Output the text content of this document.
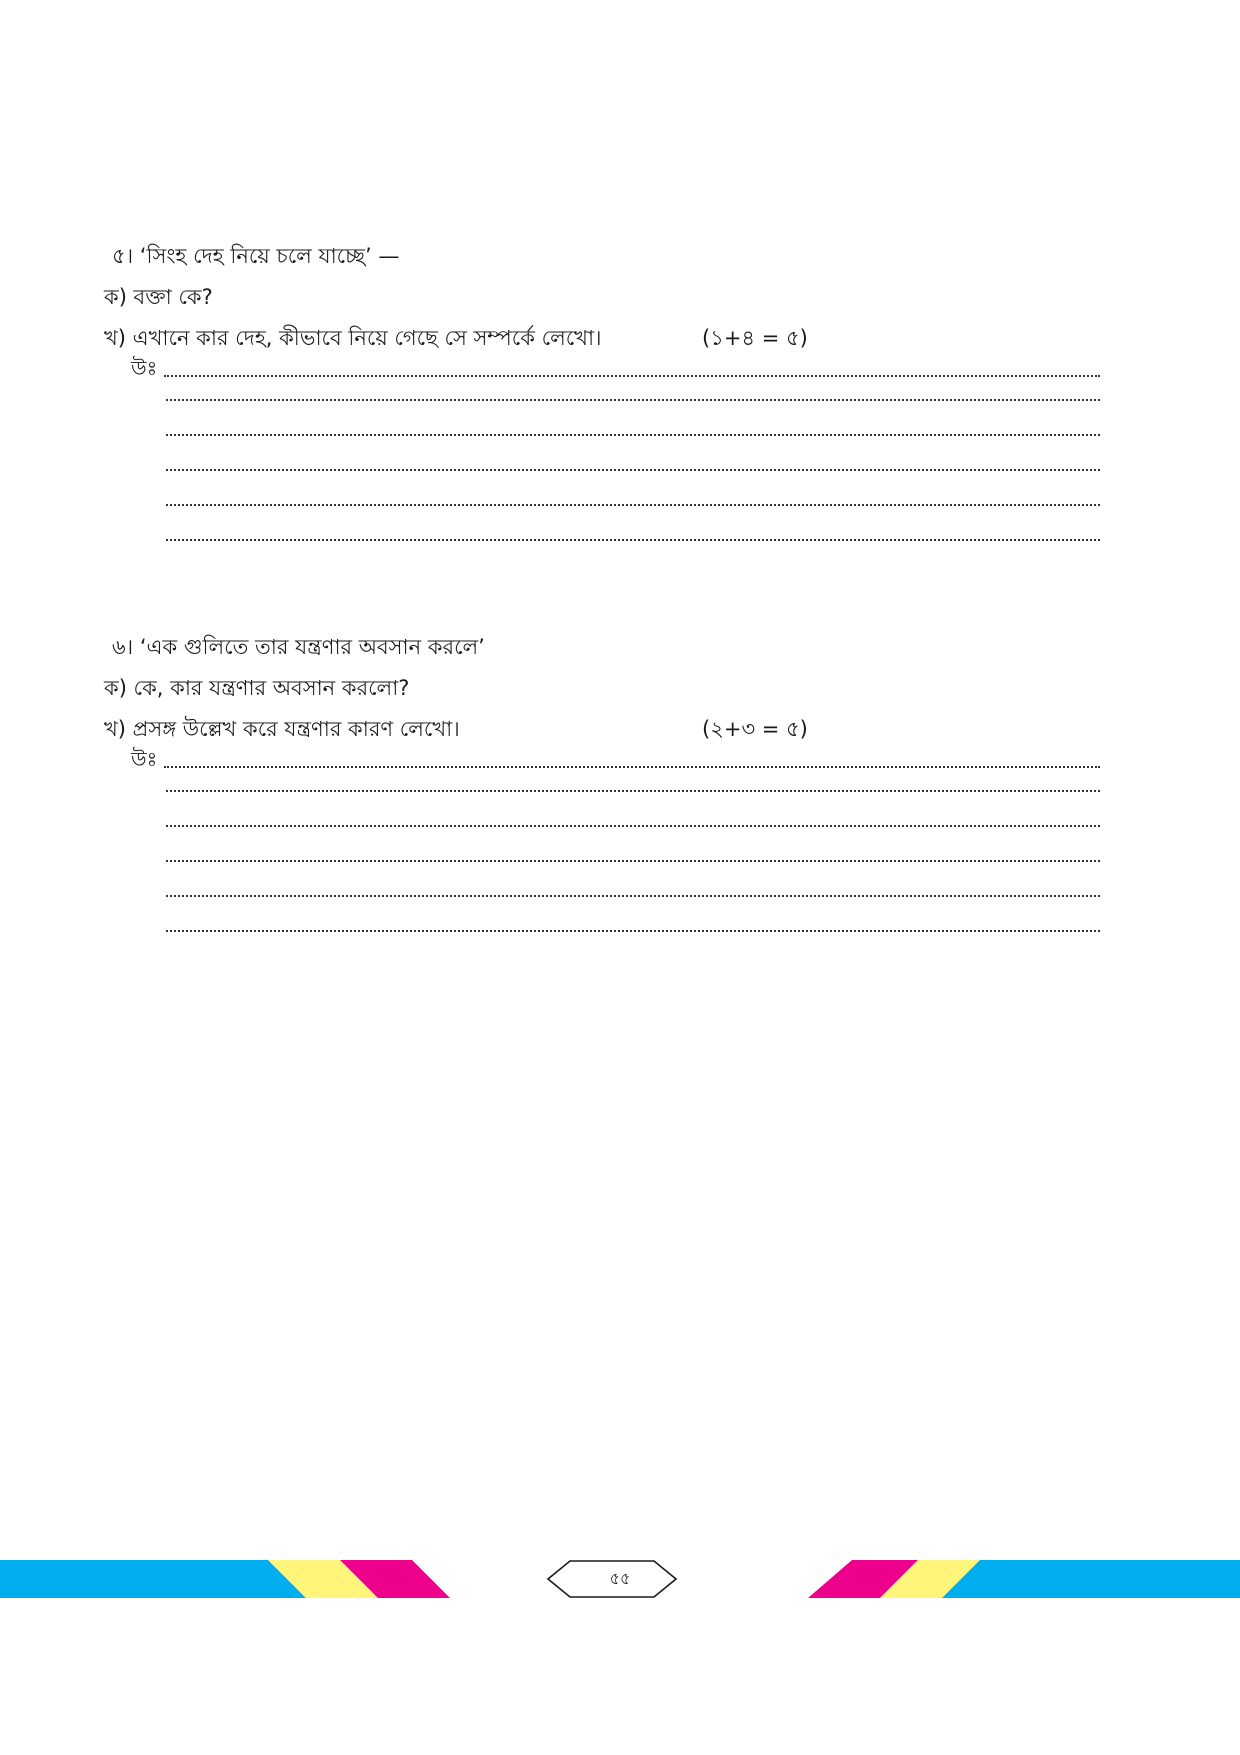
৫। ‘সিংহ দেহ নিয়ে চলে যাচ্ছে’ —
ক) বক্তা কে?
খ) এখানে কার দেহ, কীভাবে নিয়ে গেছে সে সম্পর্কে লেখো।	(১+৪ = ৫)
উঃ
৬। ‘এক গুলিতে তার যন্ত্রণার অবসান করলে’
ক) কে, কার যন্ত্রণার অবসান করলো?
খ) প্রসঙ্গ উল্লেখ করে যন্ত্রণার কারণ লেখো।	(২+৩ = ৫)
উঃ
৫৫
